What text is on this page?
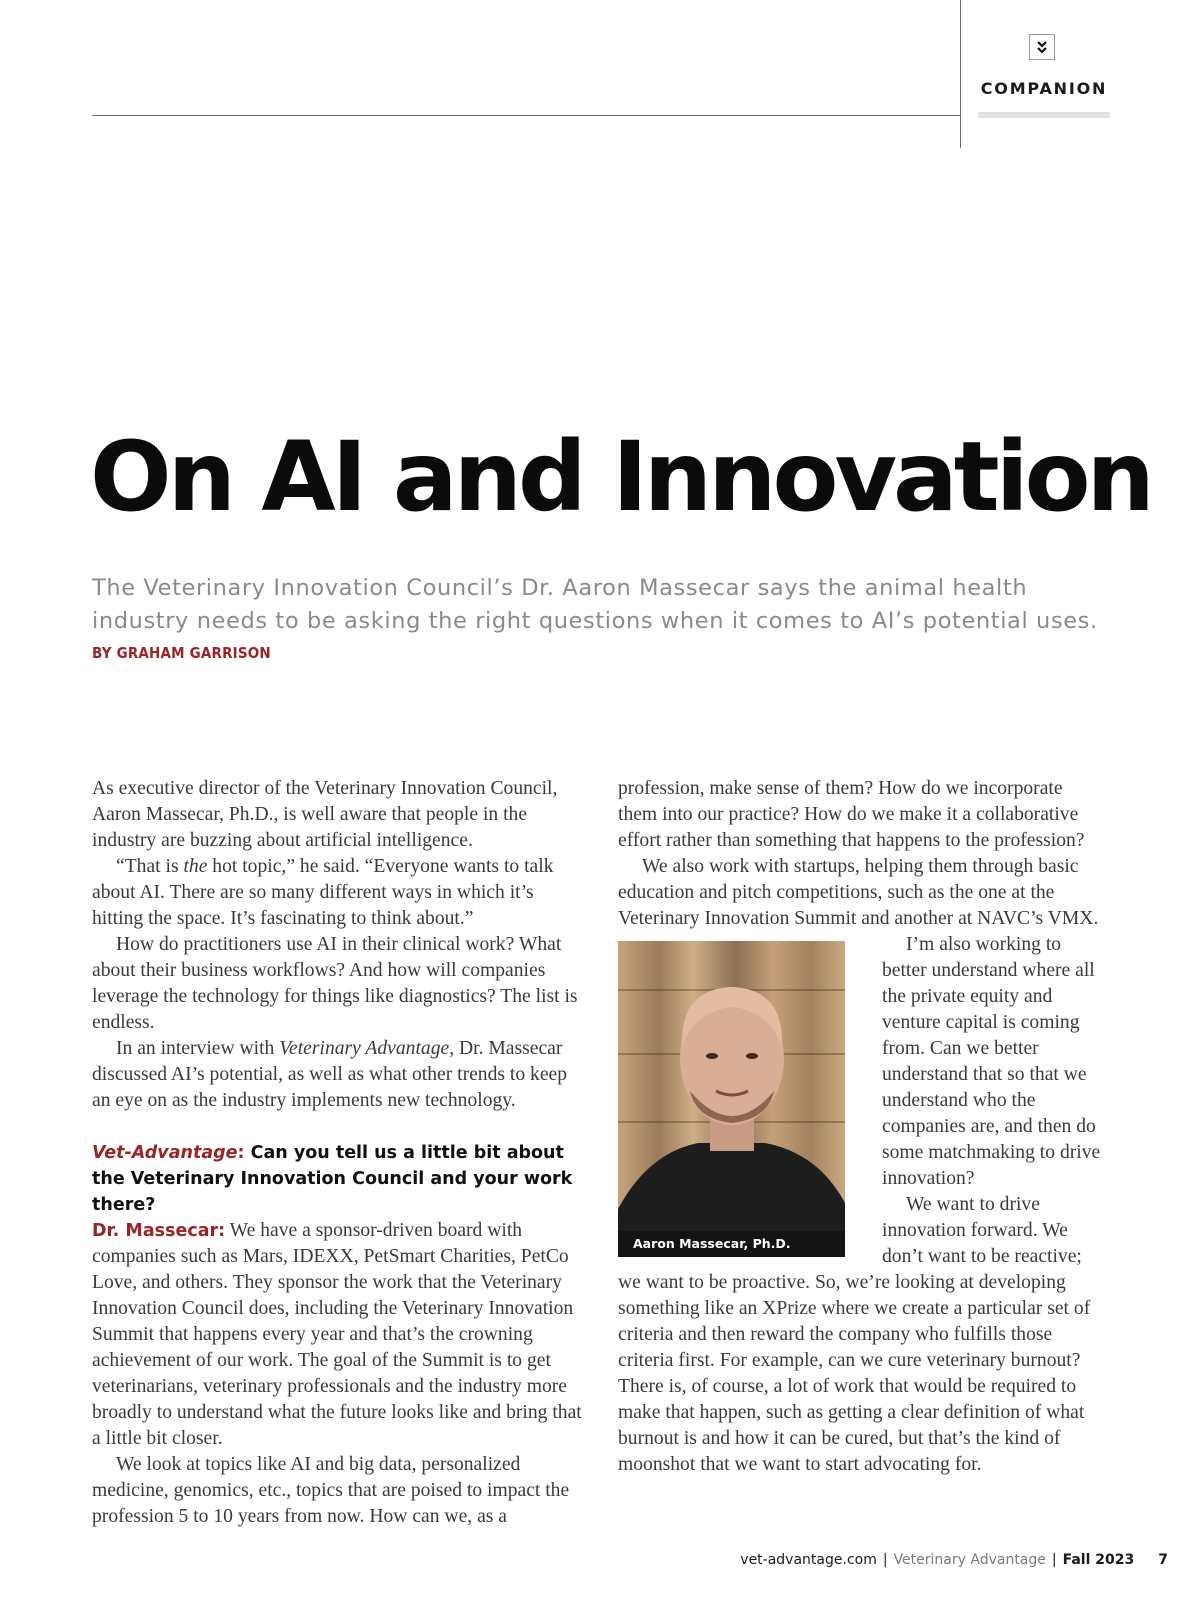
COMPANION
On AI and Innovation

The Veterinary Innovation Council’s Dr. Aaron Massecar says the animal health industry needs to be asking the right questions when it comes to AI’s potential uses.

BY GRAHAM GARRISON

As executive director of the Veterinary Innovation Council, Aaron Massecar, Ph.D., is well aware that people in the industry are buzzing about artificial intelligence.

“That is the hot topic,” he said. “Everyone wants to talk about AI. There are so many different ways in which it’s hitting the space. It’s fascinating to think about.”

How do practitioners use AI in their clinical work? What about their business workflows? And how will companies leverage the technology for things like diagnostics? The list is endless.

In an interview with Veterinary Advantage, Dr. Massecar discussed AI’s potential, as well as what other trends to keep an eye on as the industry implements new technology.

Vet-Advantage: Can you tell us a little bit about the Veterinary Innovation Council and your work there?

Dr. Massecar: We have a sponsor-driven board with companies such as Mars, IDEXX, PetSmart Charities, PetCo Love, and others. They sponsor the work that the Veterinary Innovation Council does, including the Veterinary Innovation Summit that happens every year and that’s the crowning achievement of our work. The goal of the Summit is to get veterinarians, veterinary professionals and the industry more broadly to understand what the future looks like and bring that a little bit closer.

We look at topics like AI and big data, personalized medicine, genomics, etc., topics that are poised to impact the profession 5 to 10 years from now. How can we, as a

profession, make sense of them? How do we incorporate them into our practice? How do we make it a collaborative effort rather than something that happens to the profession?

We also work with startups, helping them through basic education and pitch competitions, such as the one at the Veterinary Innovation Summit and another at NAVC’s VMX.

Aaron Massecar, Ph.D.

I’m also working to better understand where all the private equity and venture capital is coming from. Can we better understand that so that we understand who the companies are, and then do some matchmaking to drive innovation?

We want to drive innovation forward. We don’t want to be reactive; we want to be proactive. So, we’re looking at developing something like an XPrize where we create a particular set of criteria and then reward the company who fulfills those criteria first. For example, can we cure veterinary burnout? There is, of course, a lot of work that would be required to make that happen, such as getting a clear definition of what burnout is and how it can be cured, but that’s the kind of moonshot that we want to start advocating for.

vet-advantage.com | Veterinary Advantage | Fall 2023 7
